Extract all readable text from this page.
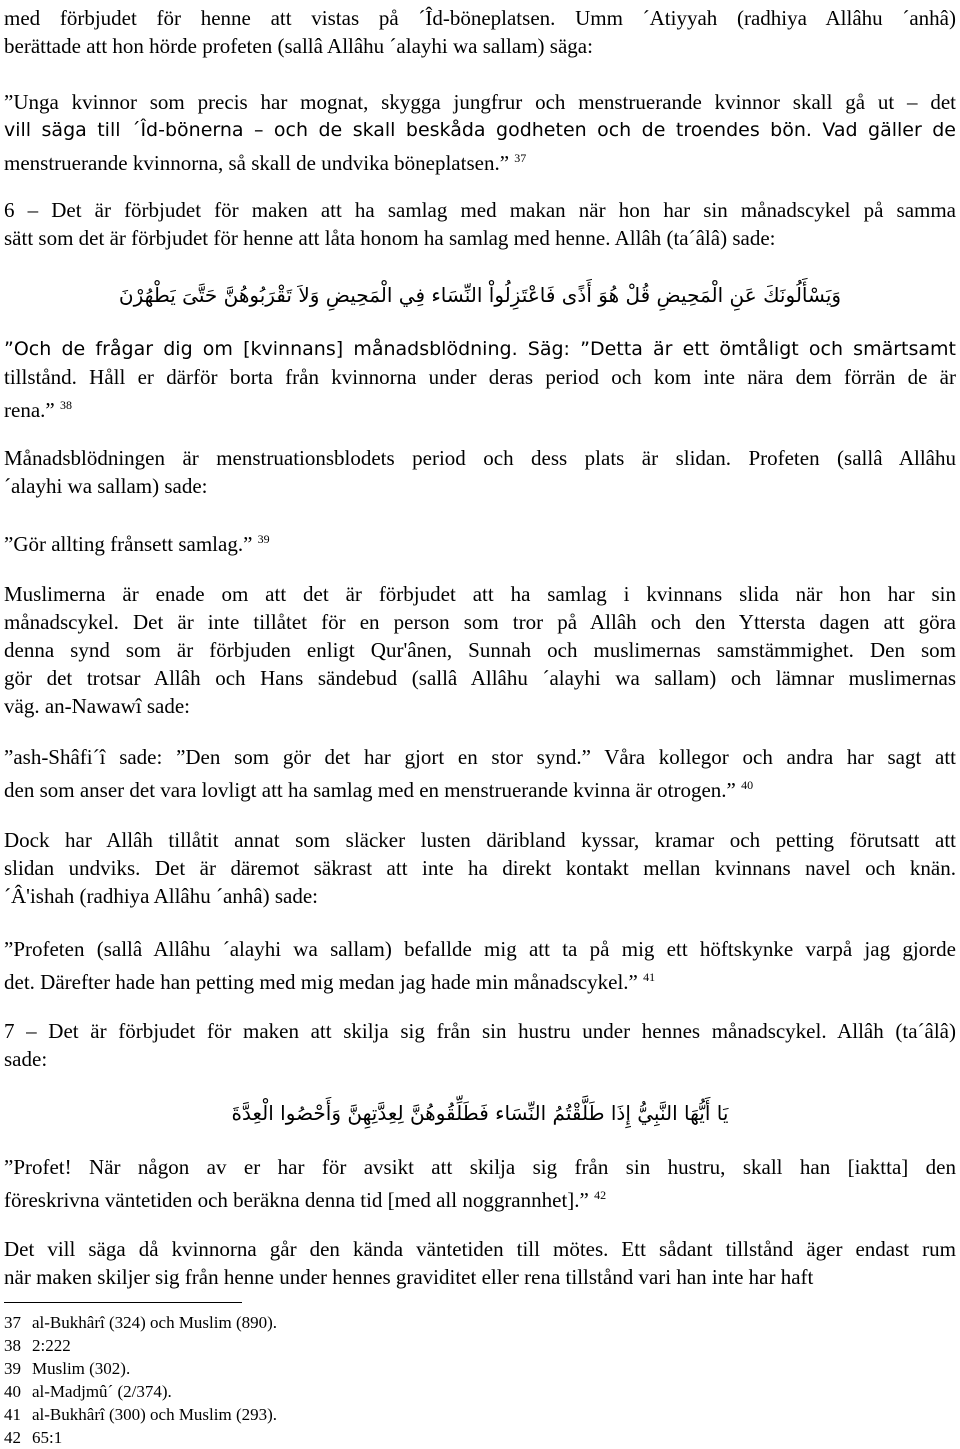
med förbjudet för henne att vistas på ´Îd-böneplatsen. Umm ´Atiyyah (radhiya Allâhu ´anhâ)
berättade att hon hörde profeten (sallâ Allâhu ´alayhi wa sallam) säga:
”Unga kvinnor som precis har mognat, skygga jungfrur och menstruerande kvinnor skall gå ut – det
vill säga till ´Îd-bönerna – och de skall beskåda godheten och de troendes bön. Vad gäller de
menstruerande kvinnorna, så skall de undvika böneplatsen.” $^{37}$
6 – Det är förbjudet för maken att ha samlag med makan när hon har sin månadscykel på samma
sätt som det är förbjudet för henne att låta honom ha samlag med henne. Allâh (ta´âlâ) sade:
وَيَسْأَلُونَكَ عَنِ الْمَحِيضِ قُلْ هُوَ أَذًى فَاعْتَزِلُواْ النِّسَاء فِي الْمَحِيضِ وَلاَ تَقْرَبُوهُنَّ حَتَّىَ يَطْهُرْنَ
”Och de frågar dig om [kvinnans] månadsblödning. Säg: ”Detta är ett ömtåligt och smärtsamt
tillstånd. Håll er därför borta från kvinnorna under deras period och kom inte nära dem förrän de är
rena.” $^{38}$
Månadsblödningen är menstruationsblodets period och dess plats är slidan. Profeten (sallâ Allâhu
´alayhi wa sallam) sade:
”Gör allting frånsett samlag.” $^{39}$
Muslimerna är enade om att det är förbjudet att ha samlag i kvinnans slida när hon har sin
månadscykel. Det är inte tillåtet för en person som tror på Allâh och den Yttersta dagen att göra
denna synd som är förbjuden enligt Qur'ânen, Sunnah och muslimernas samstämmighet. Den som
gör det trotsar Allâh och Hans sändebud (sallâ Allâhu ´alayhi wa sallam) och lämnar muslimernas
väg. an-Nawawî sade:
”ash-Shâfi´î sade: ”Den som gör det har gjort en stor synd.” Våra kollegor och andra har sagt att
den som anser det vara lovligt att ha samlag med en menstruerande kvinna är otrogen.” $^{40}$
Dock har Allâh tillåtit annat som släcker lusten däribland kyssar, kramar och petting förutsatt att
slidan undviks. Det är däremot säkrast att inte ha direkt kontakt mellan kvinnans navel och knän.
´Â'ishah (radhiya Allâhu ´anhâ) sade:
”Profeten (sallâ Allâhu ´alayhi wa sallam) befallde mig att ta på mig ett höftskynke varpå jag gjorde
det. Därefter hade han petting med mig medan jag hade min månadscykel.” $^{41}$
7 – Det är förbjudet för maken att skilja sig från sin hustru under hennes månadscykel. Allâh (ta´âlâ)
sade:
يَا أَيُّهَا النَّبِيُّ إِذَا طَلَّقْتُمُ النِّسَاء فَطَلِّقُوهُنَّ لِعِدَّتِهِنَّ وَأَحْصُوا الْعِدَّةَ
”Profet! När någon av er har för avsikt att skilja sig från sin hustru, skall han [iaktta] den
föreskrivna väntetiden och beräkna denna tid [med all noggrannhet].” $^{42}$
Det vill säga då kvinnorna går den kända väntetiden till mötes. Ett sådant tillstånd äger endast rum
när maken skiljer sig från henne under hennes graviditet eller rena tillstånd vari han inte har haft
37 al-Bukhârî (324) och Muslim (890).
38 2:222
39 Muslim (302).
40 al-Madjmû´ (2/374).
41 al-Bukhârî (300) och Muslim (293).
42 65:1
